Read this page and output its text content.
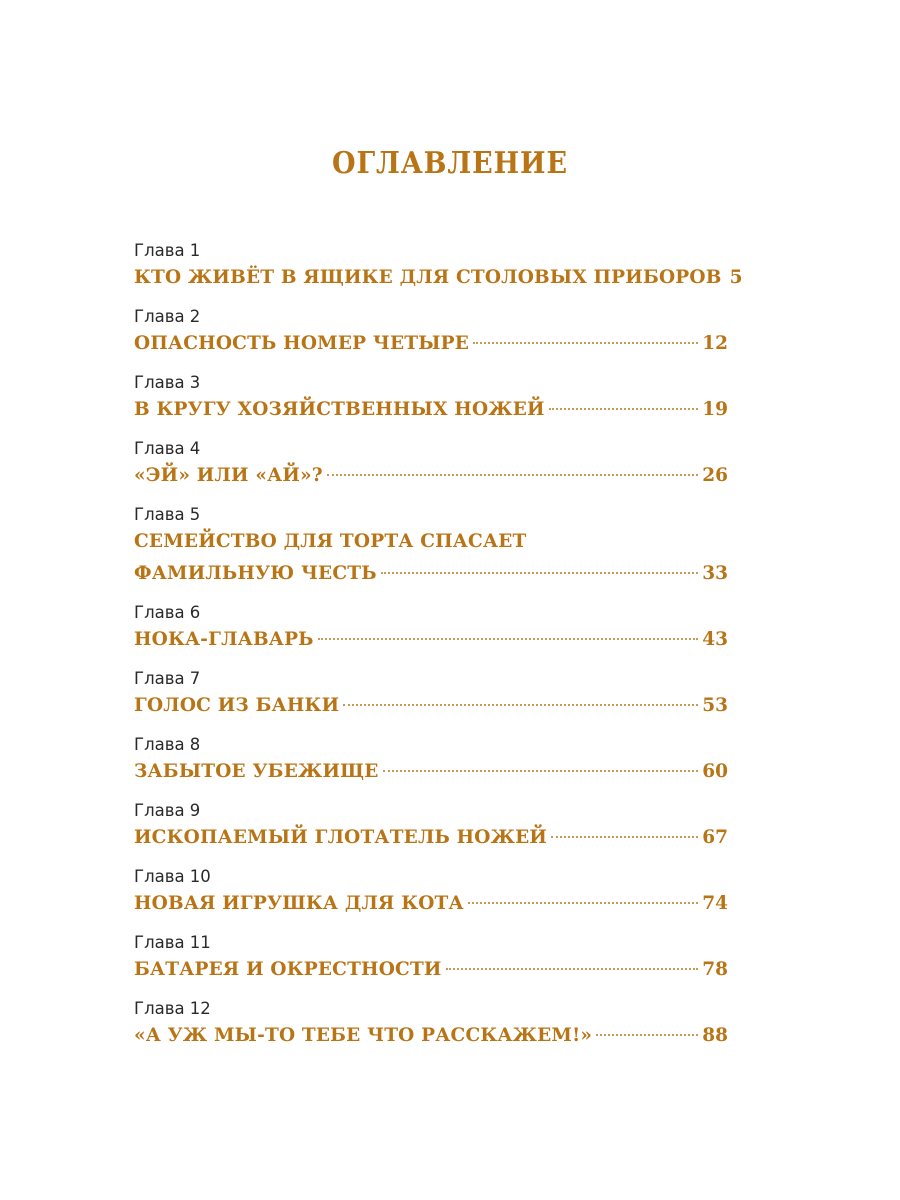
ОГЛАВЛЕНИЕ
Глава 1
КТО ЖИВЁТ В ЯЩИКЕ ДЛЯ СТОЛОВЫХ ПРИБОРОВ 5
Глава 2
ОПАСНОСТЬ НОМЕР ЧЕТЫРЕ	12
Глава 3
В КРУГУ ХОЗЯЙСТВЕННЫХ НОЖЕЙ	19
Глава 4
«ЭЙ» ИЛИ «АЙ»?	26
Глава 5
СЕМЕЙСТВО ДЛЯ ТОРТА СПАСАЕТ
ФАМИЛЬНУЮ ЧЕСТЬ	33
Глава 6
НОКА-ГЛАВАРЬ	43
Глава 7
ГОЛОС ИЗ БАНКИ	53
Глава 8
ЗАБЫТОЕ УБЕЖИЩЕ	60
Глава 9
ИСКОПАЕМЫЙ ГЛОТАТЕЛЬ НОЖЕЙ	67
Глава 10
НОВАЯ ИГРУШКА ДЛЯ КОТА	74
Глава 11
БАТАРЕЯ И ОКРЕСТНОСТИ	78
Глава 12
«А УЖ МЫ-ТО ТЕБЕ ЧТО РАССКАЖЕМ!»	88
